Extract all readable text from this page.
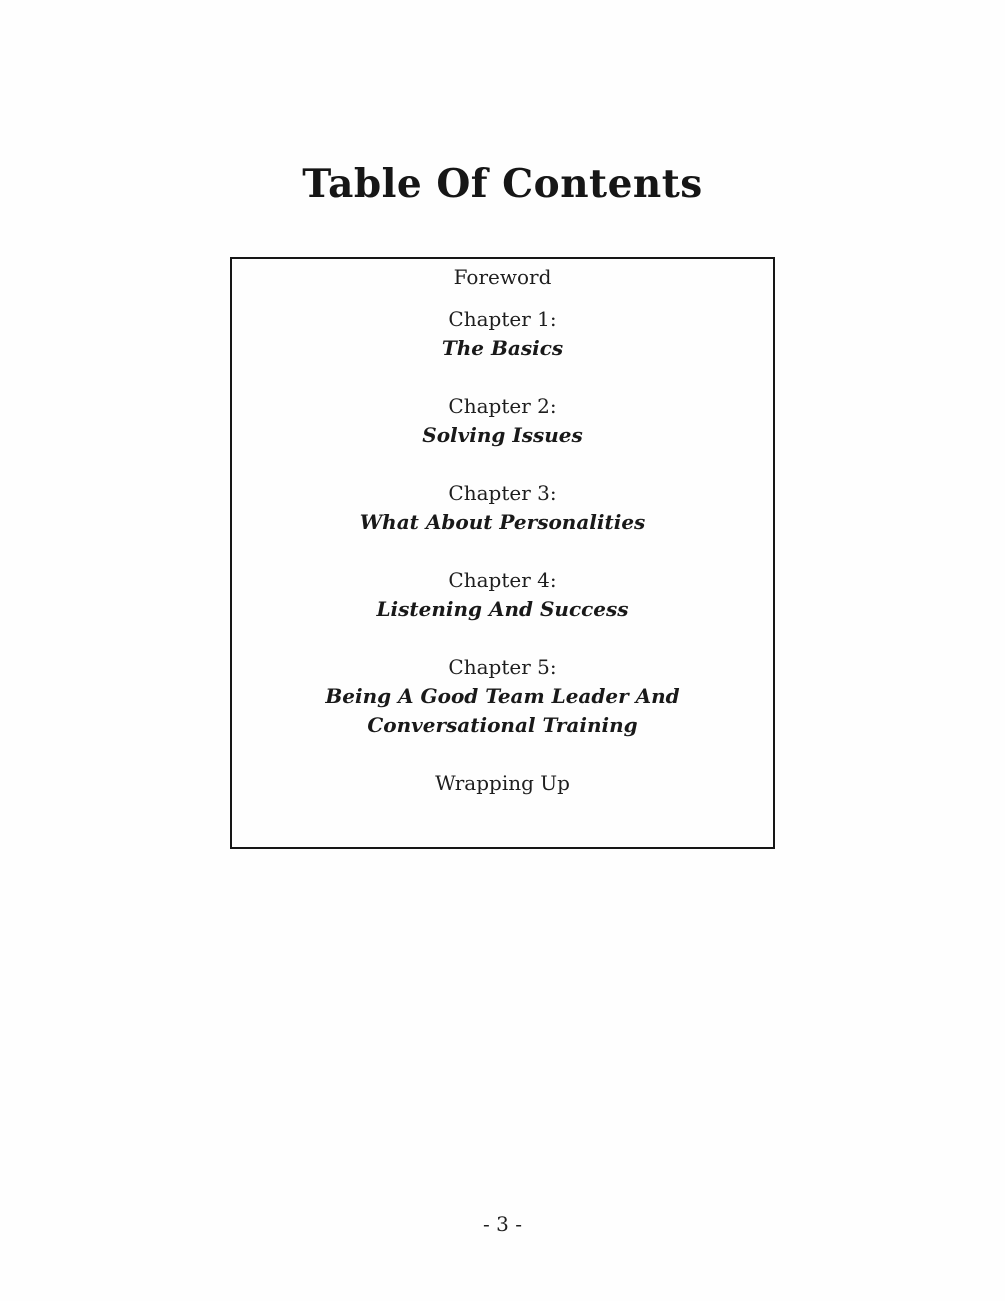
Table Of Contents
Foreword
Chapter 1:
The Basics
Chapter 2:
Solving Issues
Chapter 3:
What About Personalities
Chapter 4:
Listening And Success
Chapter 5:
Being A Good Team Leader And Conversational Training
Wrapping Up
- 3 -
